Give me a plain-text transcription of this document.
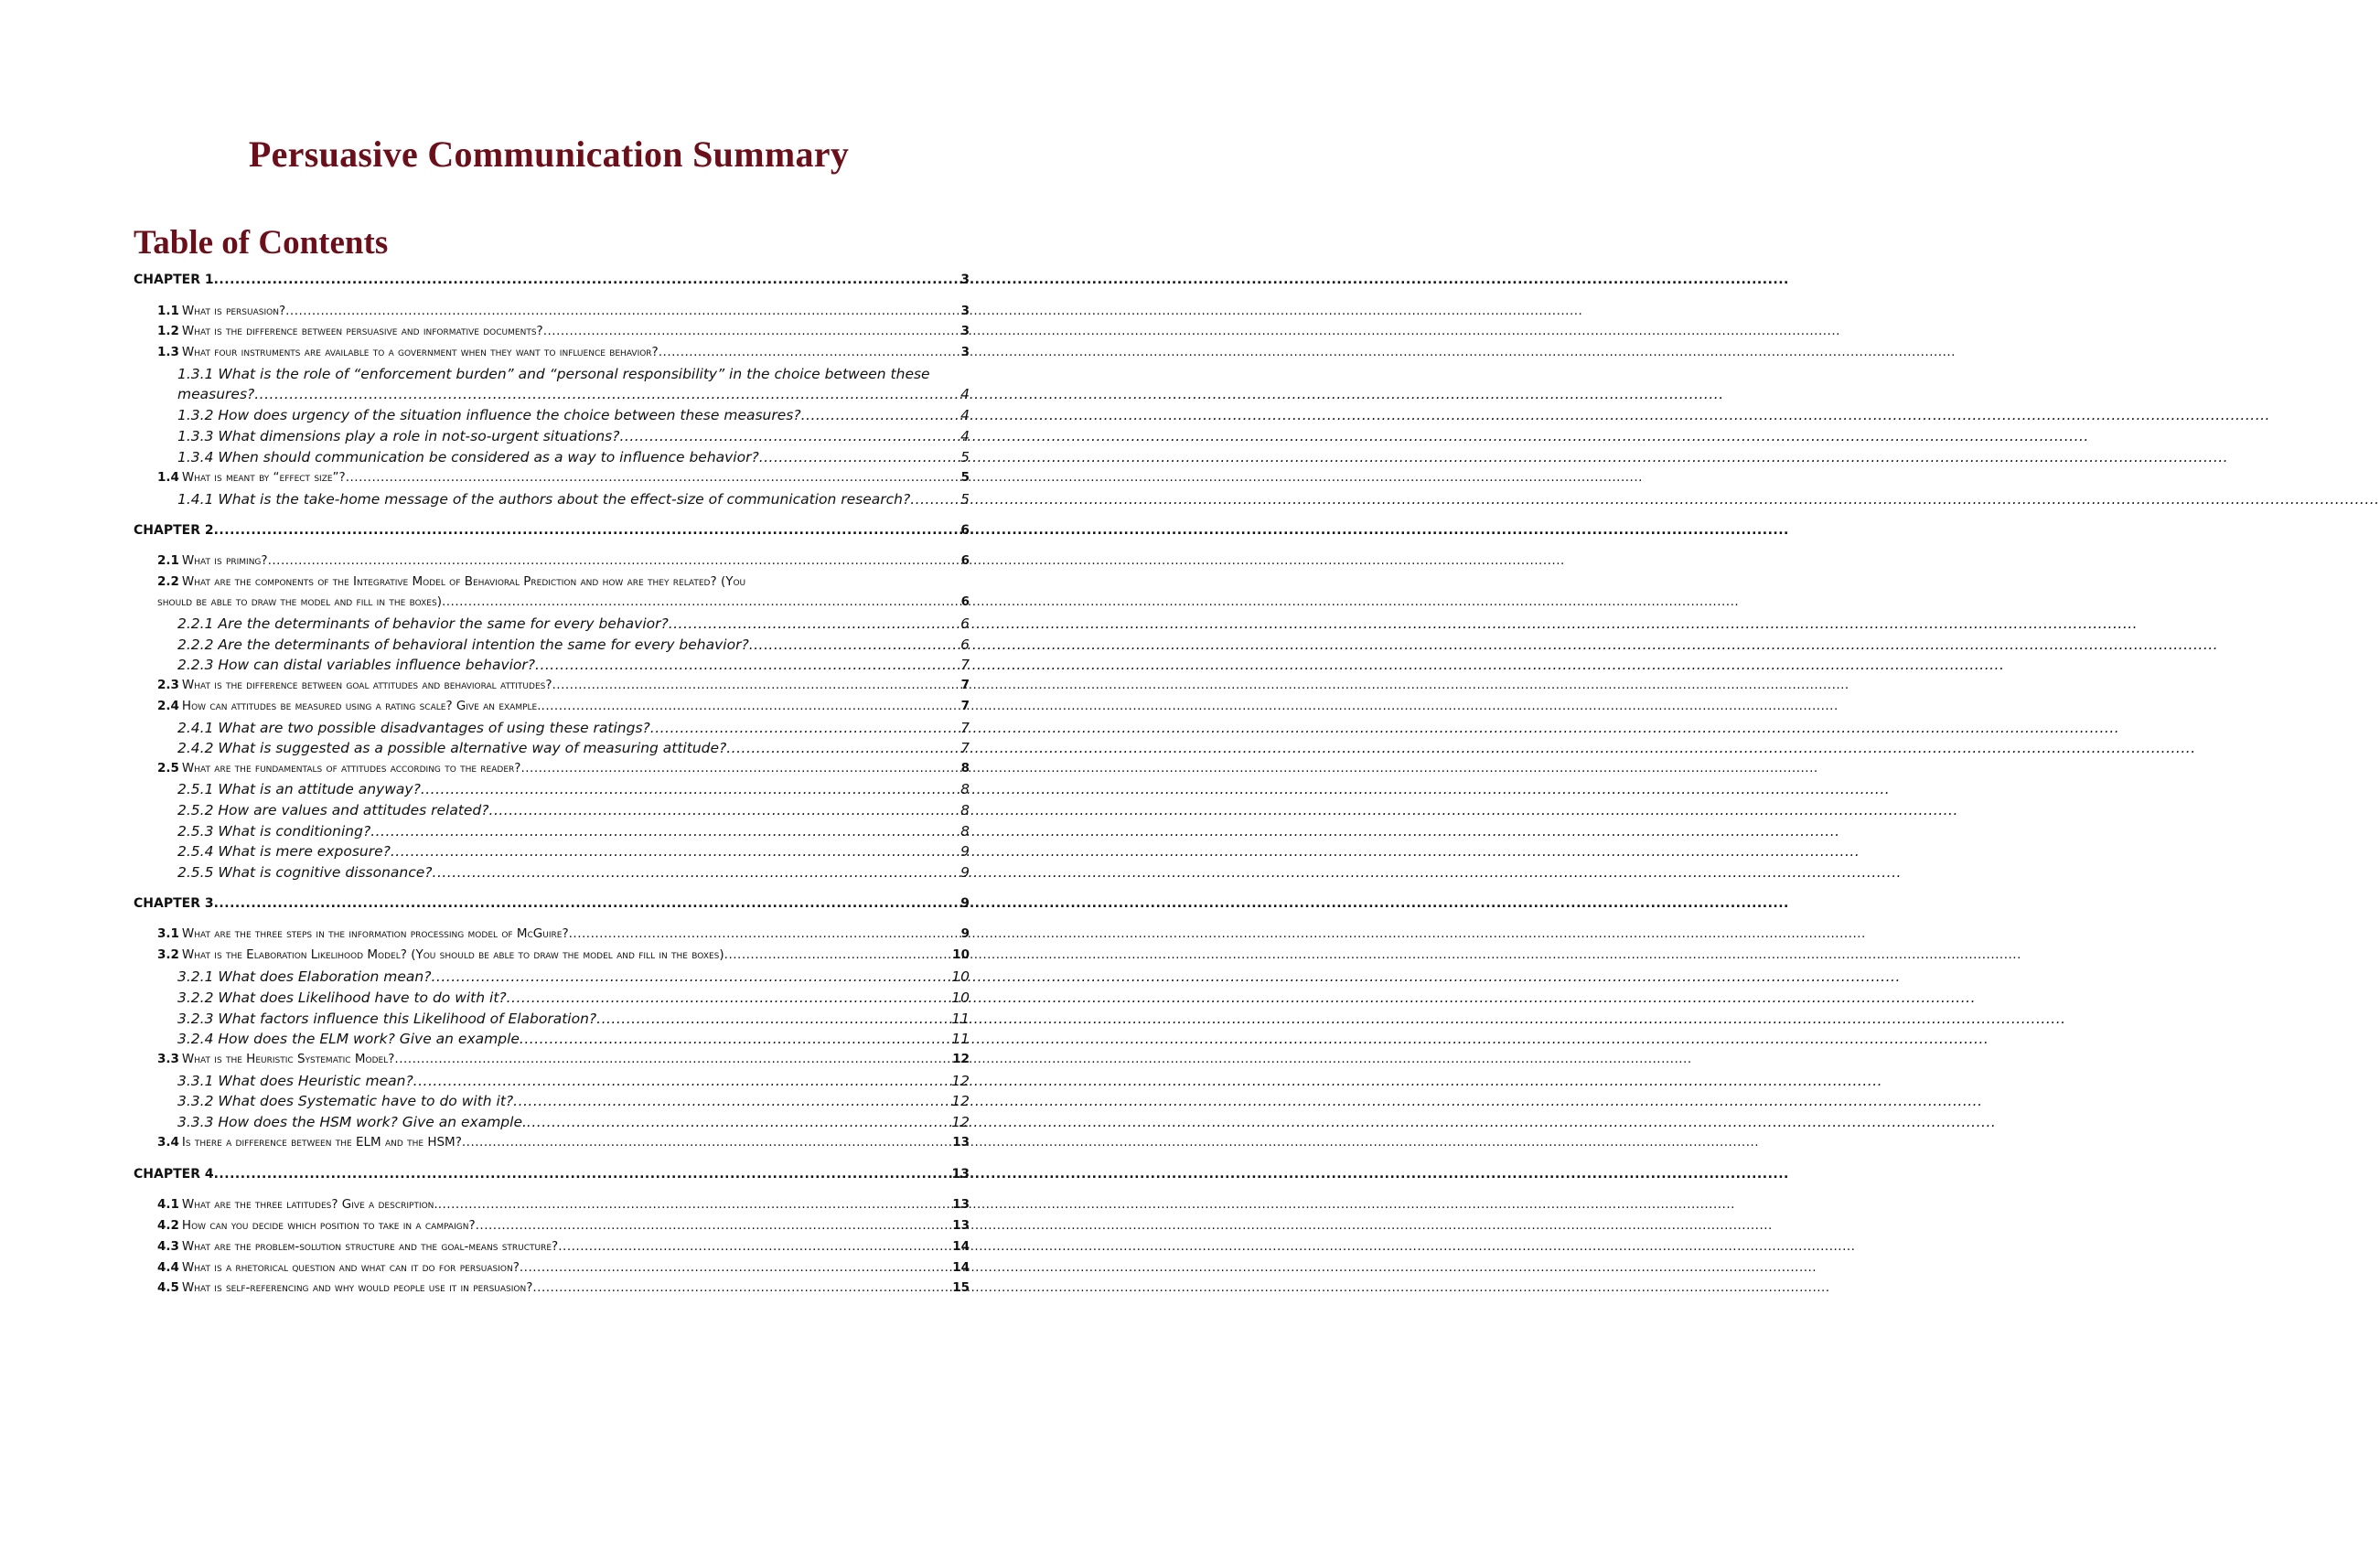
Persuasive Communication Summary
Table of Contents
CHAPTER 1 .....	3
1.1 What is persuasion? .....	3
1.2 What is the difference between persuasive and informative documents? .....	3
1.3 What four instruments are available to a government when they want to influence behavior? .....	3
1.3.1 What is the role of “enforcement burden” and “personal responsibility” in the choice between these
measures? .....	4
1.3.2 How does urgency of the situation influence the choice between these measures? .....	4
1.3.3 What dimensions play a role in not-so-urgent situations? .....	4
1.3.4 When should communication be considered as a way to influence behavior? .....	5
1.4 What is meant by “effect size”? .....	5
1.4.1 What is the take-home message of the authors about the effect-size of communication research? .....	5
CHAPTER 2 .....	6
2.1 What is priming? .....	6
2.2 What are the components of the Integrative Model of Behavioral Prediction and how are they related? (You
should be able to draw the model and fill in the boxes) .....	6
2.2.1 Are the determinants of behavior the same for every behavior? .....	6
2.2.2 Are the determinants of behavioral intention the same for every behavior? .....	6
2.2.3 How can distal variables influence behavior? .....	7
2.3 What is the difference between goal attitudes and behavioral attitudes? .....	7
2.4 How can attitudes be measured using a rating scale? Give an example. .....	7
2.4.1 What are two possible disadvantages of using these ratings? .....	7
2.4.2 What is suggested as a possible alternative way of measuring attitude? .....	7
2.5 What are the fundamentals of attitudes according to the reader? .....	8
2.5.1 What is an attitude anyway? .....	8
2.5.2 How are values and attitudes related? .....	8
2.5.3 What is conditioning? .....	8
2.5.4 What is mere exposure? .....	9
2.5.5 What is cognitive dissonance? .....	9
CHAPTER 3 .....	9
3.1 What are the three steps in the information processing model of McGuire? .....	9
3.2 What is the Elaboration Likelihood Model? (You should be able to draw the model and fill in the boxes) .....	10
3.2.1 What does Elaboration mean? .....	10
3.2.2 What does Likelihood have to do with it? .....	10
3.2.3 What factors influence this Likelihood of Elaboration? .....	11
3.2.4 How does the ELM work? Give an example .....	11
3.3 What is the Heuristic Systematic Model? .....	12
3.3.1 What does Heuristic mean? .....	12
3.3.2 What does Systematic have to do with it? .....	12
3.3.3 How does the HSM work? Give an example. .....	12
3.4 Is there a difference between the ELM and the HSM? .....	13
CHAPTER 4 .....	13
4.1 What are the three latitudes? Give a description. .....	13
4.2 How can you decide which position to take in a campaign? .....	13
4.3 What are the problem-solution structure and the goal-means structure? .....	14
4.4 What is a rhetorical question and what can it do for persuasion? .....	14
4.5 What is self-referencing and why would people use it in persuasion? .....	15
